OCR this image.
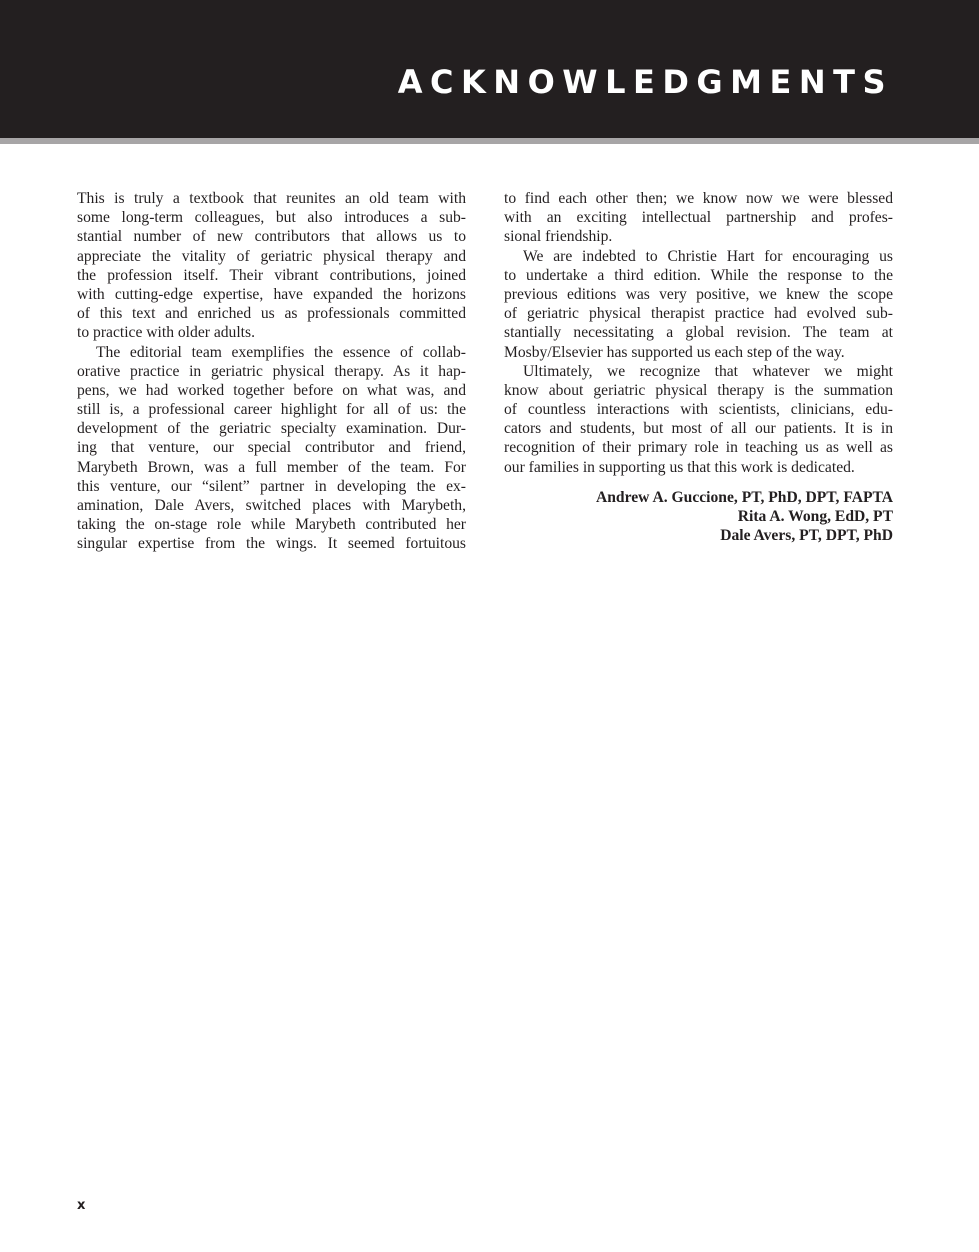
ACKNOWLEDGMENTS
This is truly a textbook that reunites an old team with
some long-term colleagues, but also introduces a sub-
stantial number of new contributors that allows us to
appreciate the vitality of geriatric physical therapy and
the profession itself. Their vibrant contributions, joined
with cutting-edge expertise, have expanded the horizons
of this text and enriched us as professionals committed
to practice with older adults.
The editorial team exemplifies the essence of collab-
orative practice in geriatric physical therapy. As it hap-
pens, we had worked together before on what was, and
still is, a professional career highlight for all of us: the
development of the geriatric specialty examination. Dur-
ing that venture, our special contributor and friend,
Marybeth Brown, was a full member of the team. For
this venture, our “silent” partner in developing the ex-
amination, Dale Avers, switched places with Marybeth,
taking the on-stage role while Marybeth contributed her
singular expertise from the wings. It seemed fortuitous
to find each other then; we know now we were blessed
with an exciting intellectual partnership and profes-
sional friendship.
We are indebted to Christie Hart for encouraging us
to undertake a third edition. While the response to the
previous editions was very positive, we knew the scope
of geriatric physical therapist practice had evolved sub-
stantially necessitating a global revision. The team at
Mosby/Elsevier has supported us each step of the way.
Ultimately, we recognize that whatever we might
know about geriatric physical therapy is the summation
of countless interactions with scientists, clinicians, edu-
cators and students, but most of all our patients. It is in
recognition of their primary role in teaching us as well as
our families in supporting us that this work is dedicated.
Andrew A. Guccione, PT, PhD, DPT, FAPTA
Rita A. Wong, EdD, PT
Dale Avers, PT, DPT, PhD
x
